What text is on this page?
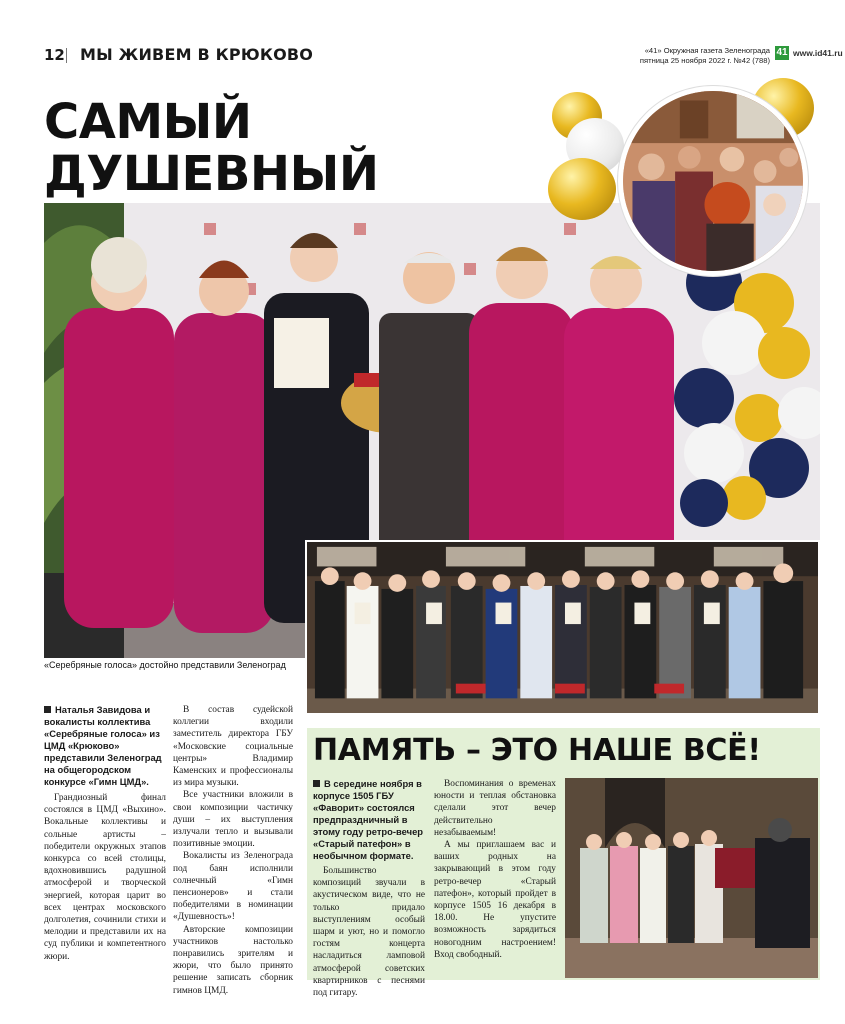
12 МЫ ЖИВЕМ В КРЮКОВО	«41» Окружная газета Зеленограда
пятница 25 ноября 2022 г. №42 (788)
41 www.id41.ru
САМЫЙ
ДУШЕВНЫЙ
«Серебряные голоса» достойно представили Зеленоград
Наталья Завидова и вокалисты коллектива «Серебряные голоса» из ЦМД «Крюково» представили Зеленоград на общегородском конкурсе «Гимн ЦМД».

Грандиозный финал состоялся в ЦМД «Выхино». Вокальные коллективы и сольные артисты – победители окружных этапов конкурса со всей столицы, вдохновившись радушной атмосферой и творческой энергией, которая царит во всех центрах московского долголетия, сочинили стихи и мелодии и представили их на суд публики и компетентного жюри.

В состав судейской коллегии входили заместитель директора ГБУ «Московские социальные центры» Владимир Каменских и профессионалы из мира музыки.

Все участники вложили в свои композиции частичку души – их выступления излучали тепло и вызывали позитивные эмоции.

Вокалисты из Зеленограда под баян исполнили солнечный «Гимн пенсионеров» и стали победителями в номинации «Душевность»!

Авторские композиции участников настолько понравились зрителям и жюри, что было принято решение записать сборник гимнов ЦМД.

ПАМЯТЬ – ЭТО НАШЕ ВСЁ!
В середине ноября в корпусе 1505 ГБУ «Фаворит» состоялся предпраздничный в этому году ретро-вечер «Старый патефон» в необычном формате.

Большинство композиций звучали в акустическом виде, что не только придало выступлениям особый шарм и уют, но и помогло гостям концерта насладиться ламповой атмосферой советских квартирников с песнями под гитару.

Воспоминания о временах юности и теплая обстановка сделали этот вечер действительно незабываемым!

А мы приглашаем вас и ваших родных на закрывающий в этом году ретро-вечер «Старый патефон», который пройдет в корпусе 1505 16 декабря в 18.00. Не упустите возможность зарядиться новогодним настроением! Вход свободный.
